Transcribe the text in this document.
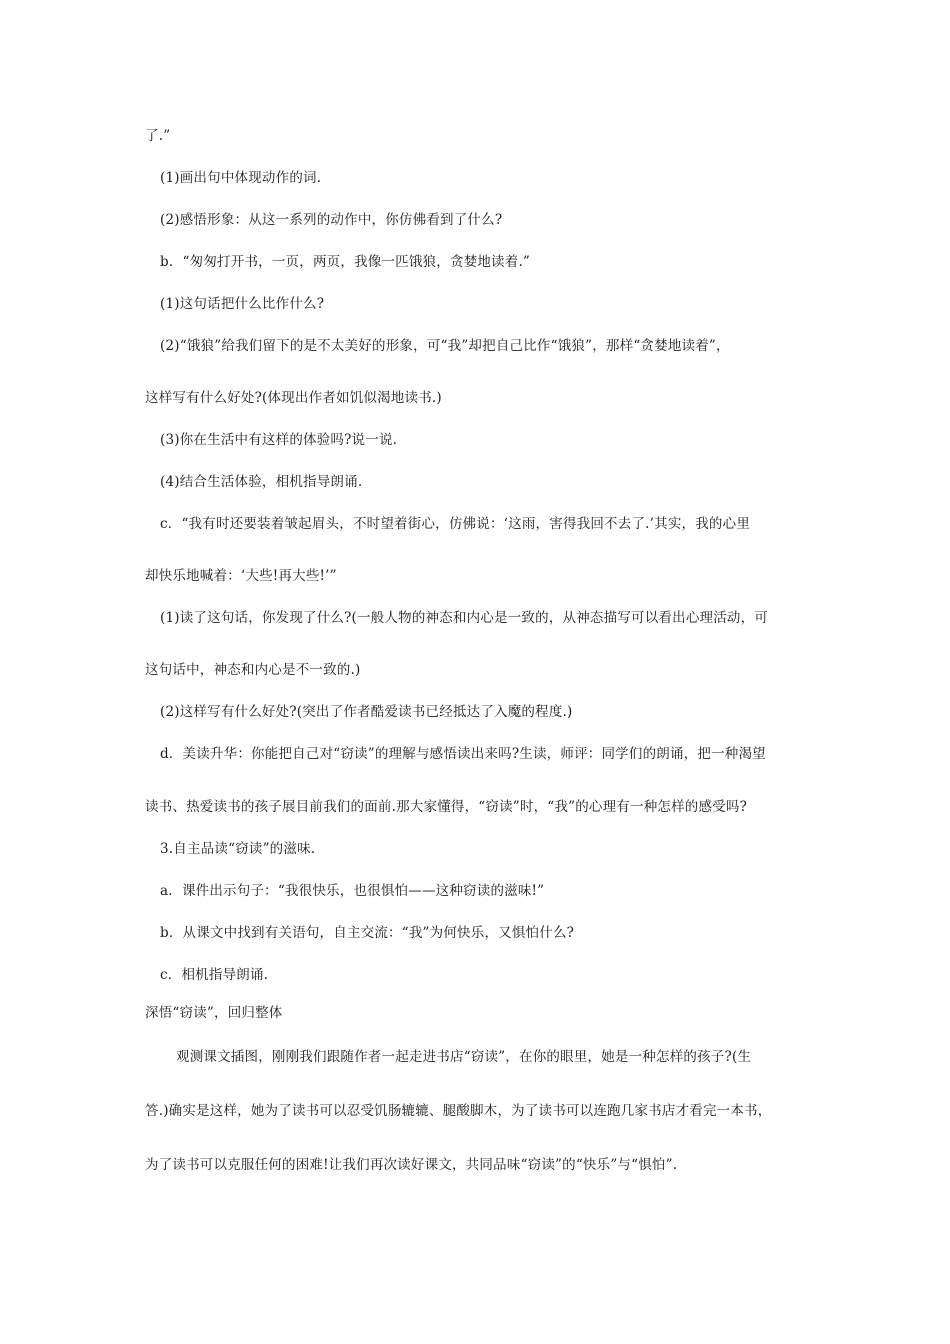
了.”
(1)画出句中体现动作的词.
(2)感悟形象：从这一系列的动作中，你仿佛看到了什么?
b．“匆匆打开书，一页，两页，我像一匹饿狼，贪婪地读着.”
(1)这句话把什么比作什么?
(2)“饿狼”给我们留下的是不太美好的形象，可“我”却把自己比作“饿狼”，那样“贪婪地读着”，
这样写有什么好处?(体现出作者如饥似渴地读书.)
(3)你在生活中有这样的体验吗?说一说.
(4)结合生活体验，相机指导朗诵.
c．“我有时还要装着皱起眉头，不时望着街心，仿佛说：‘这雨，害得我回不去了.’其实，我的心里
却快乐地喊着：‘大些!再大些!’”
(1)读了这句话，你发现了什么?(一般人物的神态和内心是一致的，从神态描写可以看出心理活动，可
这句话中，神态和内心是不一致的.)
(2)这样写有什么好处?(突出了作者酷爱读书已经抵达了入魔的程度.)
d．美读升华：你能把自己对“窃读”的理解与感悟读出来吗?生读，师评：同学们的朗诵，把一种渴望
读书、热爱读书的孩子展目前我们的面前.那大家懂得，“窃读”时，“我”的心理有一种怎样的感受吗?
3.自主品读“窃读”的滋味.
a．课件出示句子：“我很快乐，也很惧怕——这种窃读的滋味!”
b．从课文中找到有关语句，自主交流：“我”为何快乐，又惧怕什么?
c．相机指导朗诵.
深悟“窃读”，回归整体
观测课文插图，刚刚我们跟随作者一起走进书店“窃读”，在你的眼里，她是一种怎样的孩子?(生
答.)确实是这样，她为了读书可以忍受饥肠辘辘、腿酸脚木，为了读书可以连跑几家书店才看完一本书，
为了读书可以克服任何的困难!让我们再次读好课文，共同品味“窃读”的“快乐”与“惧怕”.
